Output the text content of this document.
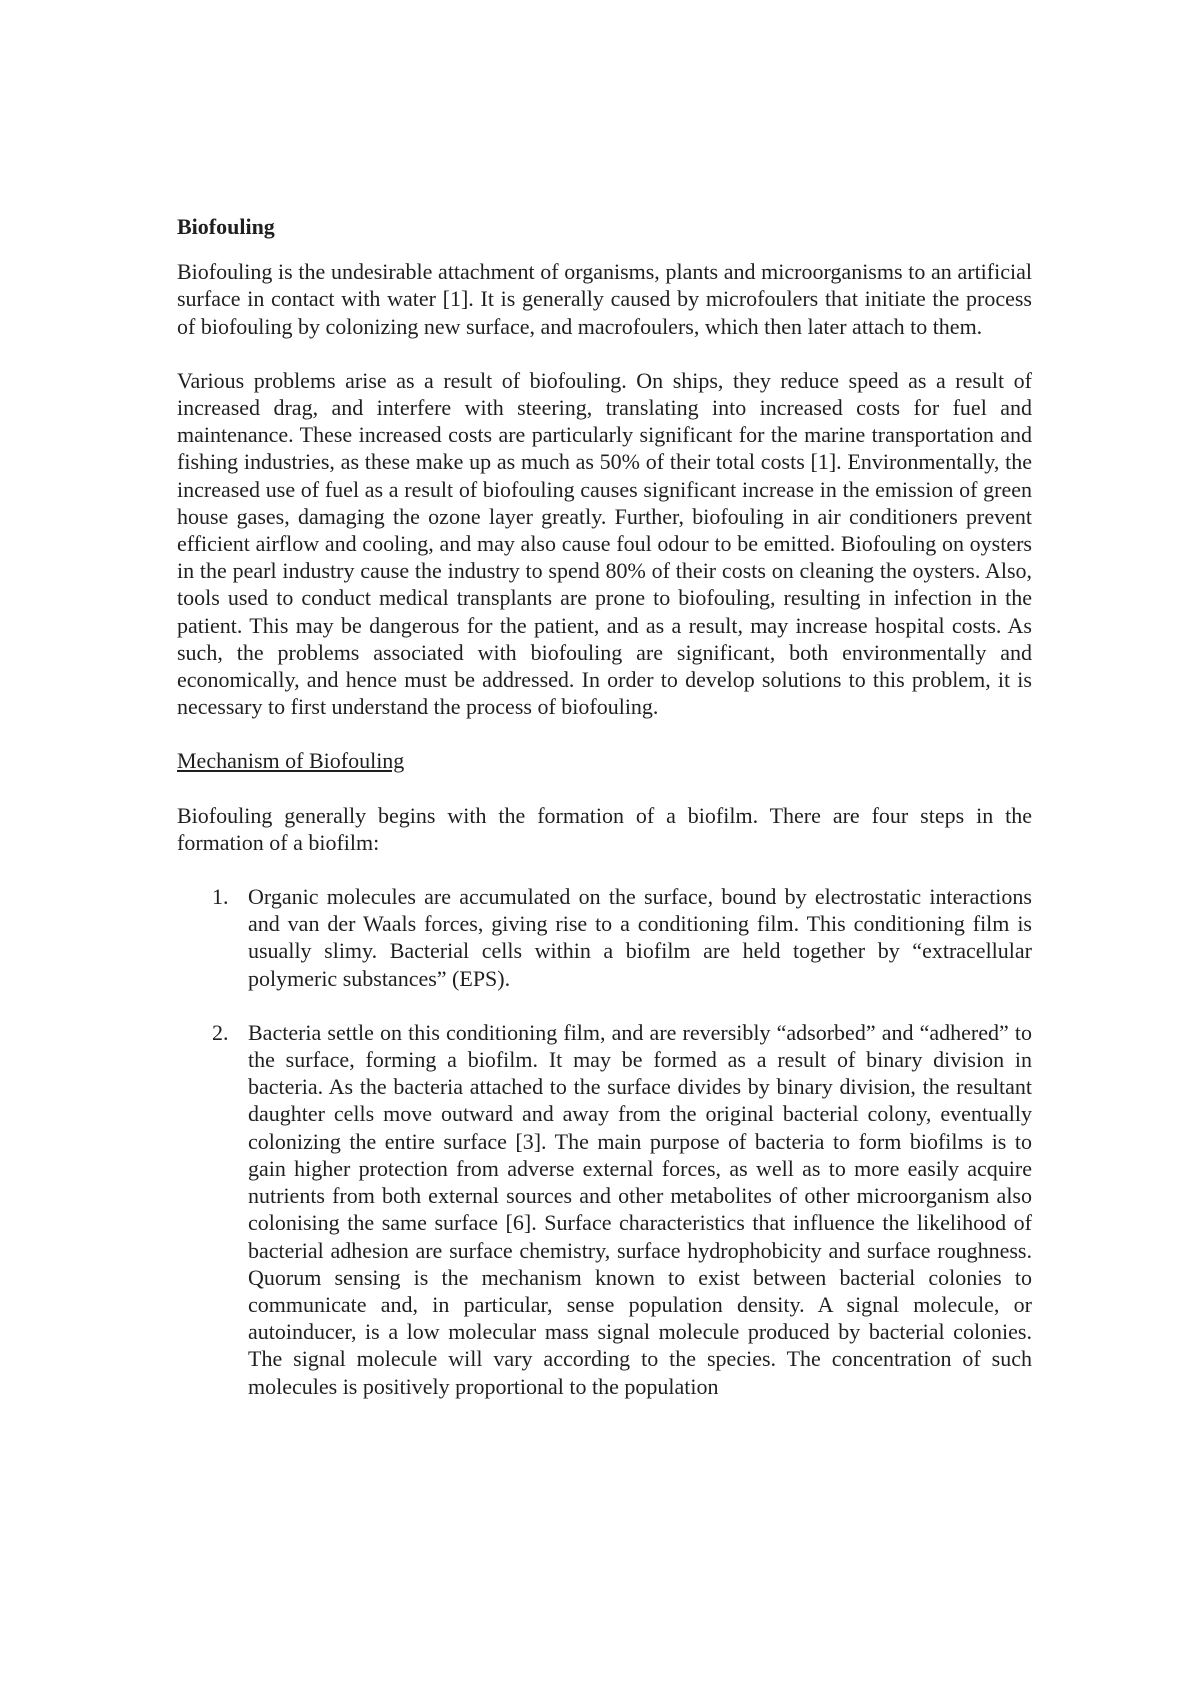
Biofouling

Biofouling is the undesirable attachment of organisms, plants and microorganisms to an artificial surface in contact with water [1]. It is generally caused by microfoulers that initiate the process of biofouling by colonizing new surface, and macrofoulers, which then later attach to them.

Various problems arise as a result of biofouling. On ships, they reduce speed as a result of increased drag, and interfere with steering, translating into increased costs for fuel and maintenance. These increased costs are particularly significant for the marine transportation and fishing industries, as these make up as much as 50% of their total costs [1]. Environmentally, the increased use of fuel as a result of biofouling causes significant increase in the emission of green house gases, damaging the ozone layer greatly. Further, biofouling in air conditioners prevent efficient airflow and cooling, and may also cause foul odour to be emitted. Biofouling on oysters in the pearl industry cause the industry to spend 80% of their costs on cleaning the oysters. Also, tools used to conduct medical transplants are prone to biofouling, resulting in infection in the patient. This may be dangerous for the patient, and as a result, may increase hospital costs. As such, the problems associated with biofouling are significant, both environmentally and economically, and hence must be addressed. In order to develop solutions to this problem, it is necessary to first understand the process of biofouling.

Mechanism of Biofouling

Biofouling generally begins with the formation of a biofilm. There are four steps in the formation of a biofilm:

1. Organic molecules are accumulated on the surface, bound by electrostatic interactions and van der Waals forces, giving rise to a conditioning film. This conditioning film is usually slimy. Bacterial cells within a biofilm are held together by “extracellular polymeric substances” (EPS).
2. Bacteria settle on this conditioning film, and are reversibly “adsorbed” and “adhered” to the surface, forming a biofilm. It may be formed as a result of binary division in bacteria. As the bacteria attached to the surface divides by binary division, the resultant daughter cells move outward and away from the original bacterial colony, eventually colonizing the entire surface [3]. The main purpose of bacteria to form biofilms is to gain higher protection from adverse external forces, as well as to more easily acquire nutrients from both external sources and other metabolites of other microorganism also colonising the same surface [6]. Surface characteristics that influence the likelihood of bacterial adhesion are surface chemistry, surface hydrophobicity and surface roughness. Quorum sensing is the mechanism known to exist between bacterial colonies to communicate and, in particular, sense population density. A signal molecule, or autoinducer, is a low molecular mass signal molecule produced by bacterial colonies. The signal molecule will vary according to the species. The concentration of such molecules is positively proportional to the population
